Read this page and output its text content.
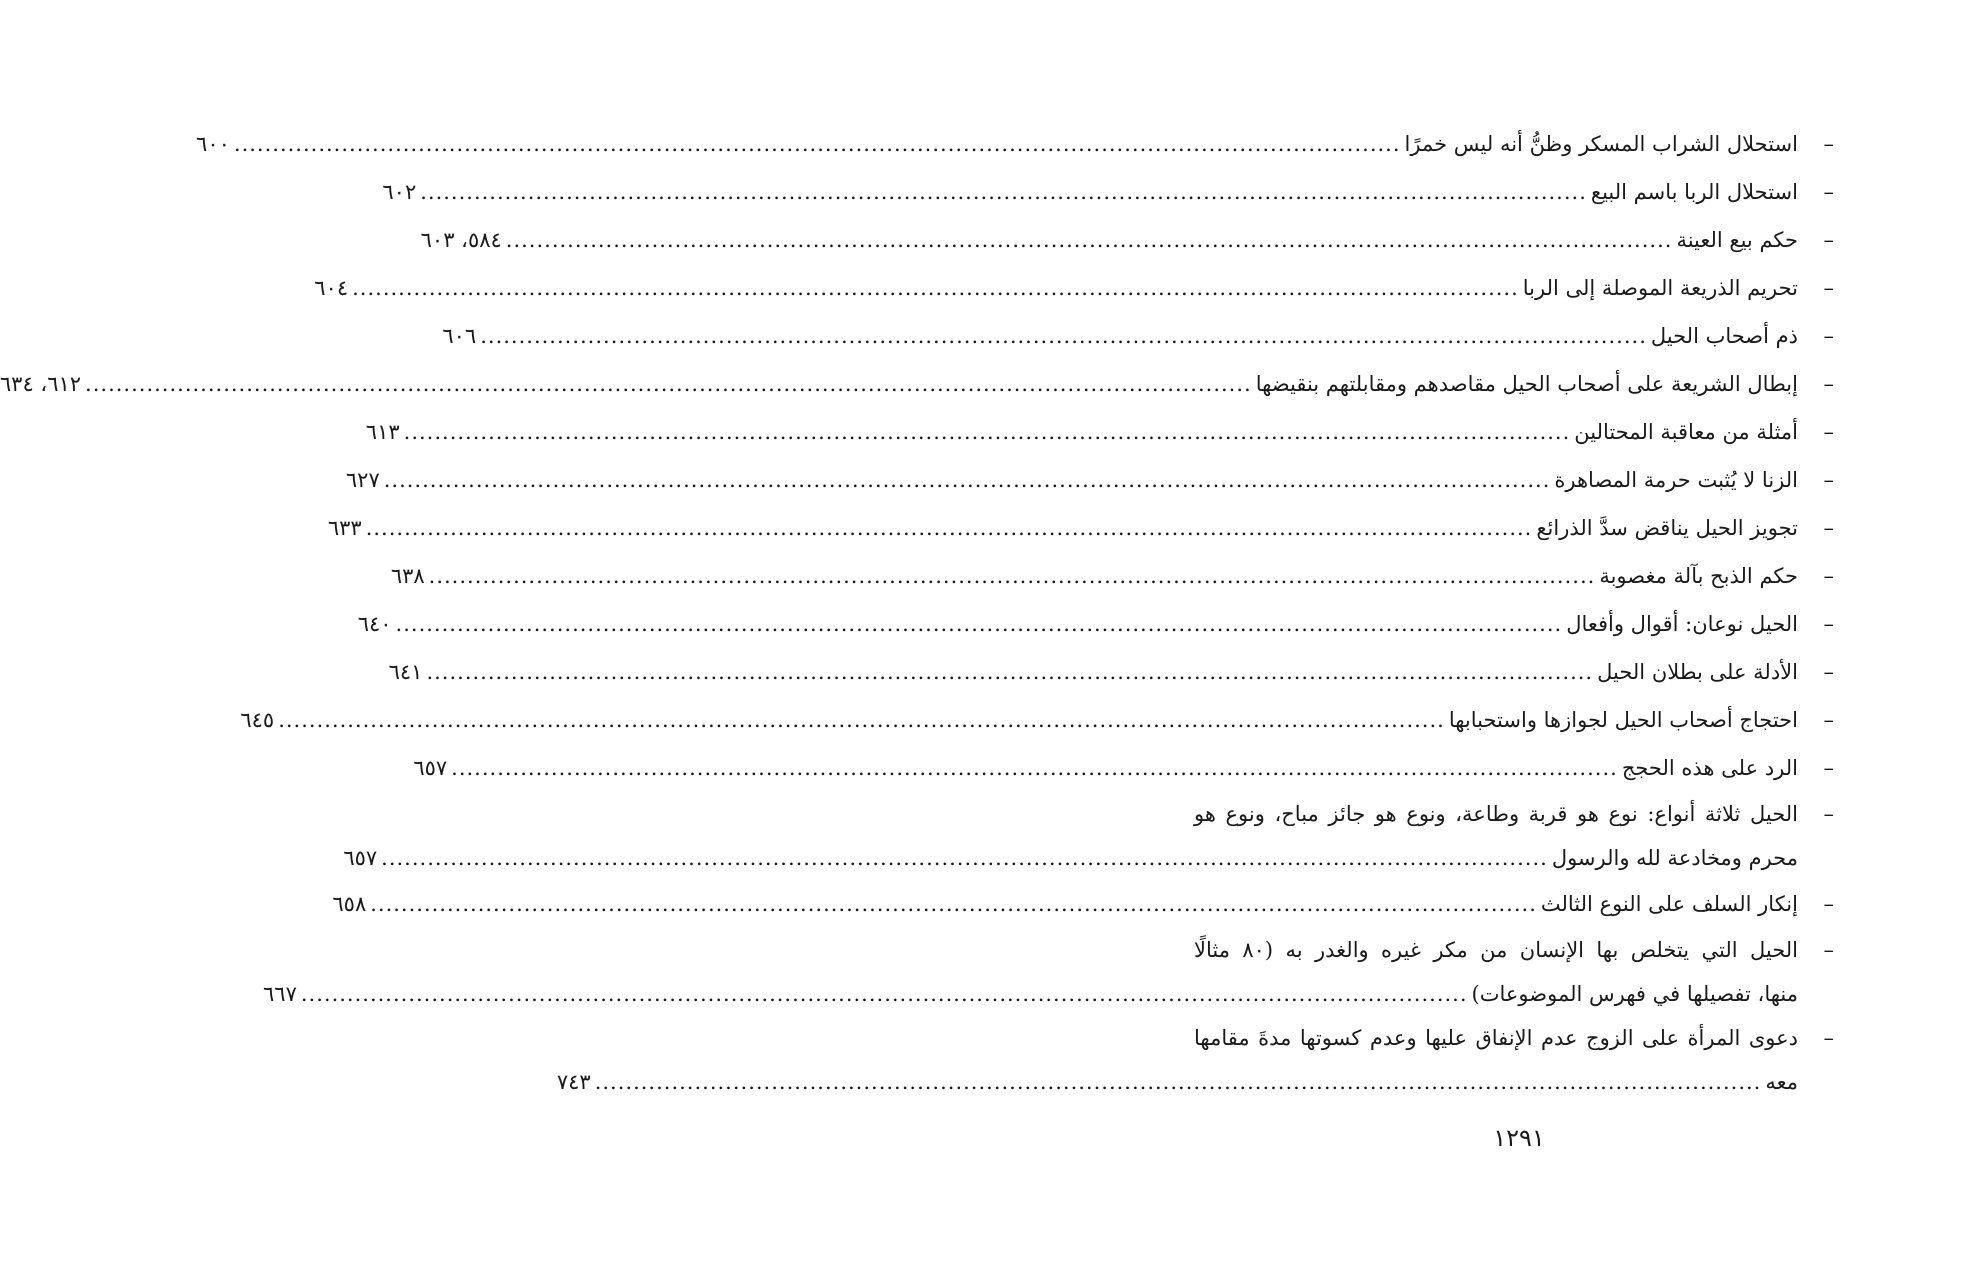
–
استحلال الشراب المسكر وظنُّ أنه ليس خمرًا
........................................................................................................................................................
٦٠٠
–
استحلال الربا باسم البيع
........................................................................................................................................................
٦٠٢
–
حكم بيع العينة
........................................................................................................................................................
٥٨٤، ٦٠٣
–
تحريم الذريعة الموصلة إلى الربا
........................................................................................................................................................
٦٠٤
–
ذم أصحاب الحيل
........................................................................................................................................................
٦٠٦
–
إبطال الشريعة على أصحاب الحيل مقاصدهم ومقابلتهم بنقيضها
........................................................................................................................................................
٦١٢، ٦٣٤
–
أمثلة من معاقبة المحتالين
........................................................................................................................................................
٦١٣
–
الزنا لا يُثبت حرمة المصاهرة
........................................................................................................................................................
٦٢٧
–
تجويز الحيل يناقض سدَّ الذرائع
........................................................................................................................................................
٦٣٣
–
حكم الذبح بآلة مغصوبة
........................................................................................................................................................
٦٣٨
–
الحيل نوعان: أقوال وأفعال
........................................................................................................................................................
٦٤٠
–
الأدلة على بطلان الحيل
........................................................................................................................................................
٦٤١
–
احتجاج أصحاب الحيل لجوازها واستحبابها
........................................................................................................................................................
٦٤٥
–
الرد على هذه الحجج
........................................................................................................................................................
٦٥٧
–
الحيل ثلاثة أنواع: نوع هو قربة وطاعة، ونوع هو جائز مباح، ونوع هو
محرم ومخادعة لله والرسول
........................................................................................................................................................
٦٥٧
–
إنكار السلف على النوع الثالث
........................................................................................................................................................
٦٥٨
–
الحيل التي يتخلص بها الإنسان من مكر غيره والغدر به (٨٠ مثالًا
منها، تفصيلها في فهرس الموضوعات)
........................................................................................................................................................
٦٦٧
–
دعوى المرأة على الزوج عدم الإنفاق عليها وعدم كسوتها مدةَ مقامها
معه
........................................................................................................................................................
٧٤٣
١٢٩١
